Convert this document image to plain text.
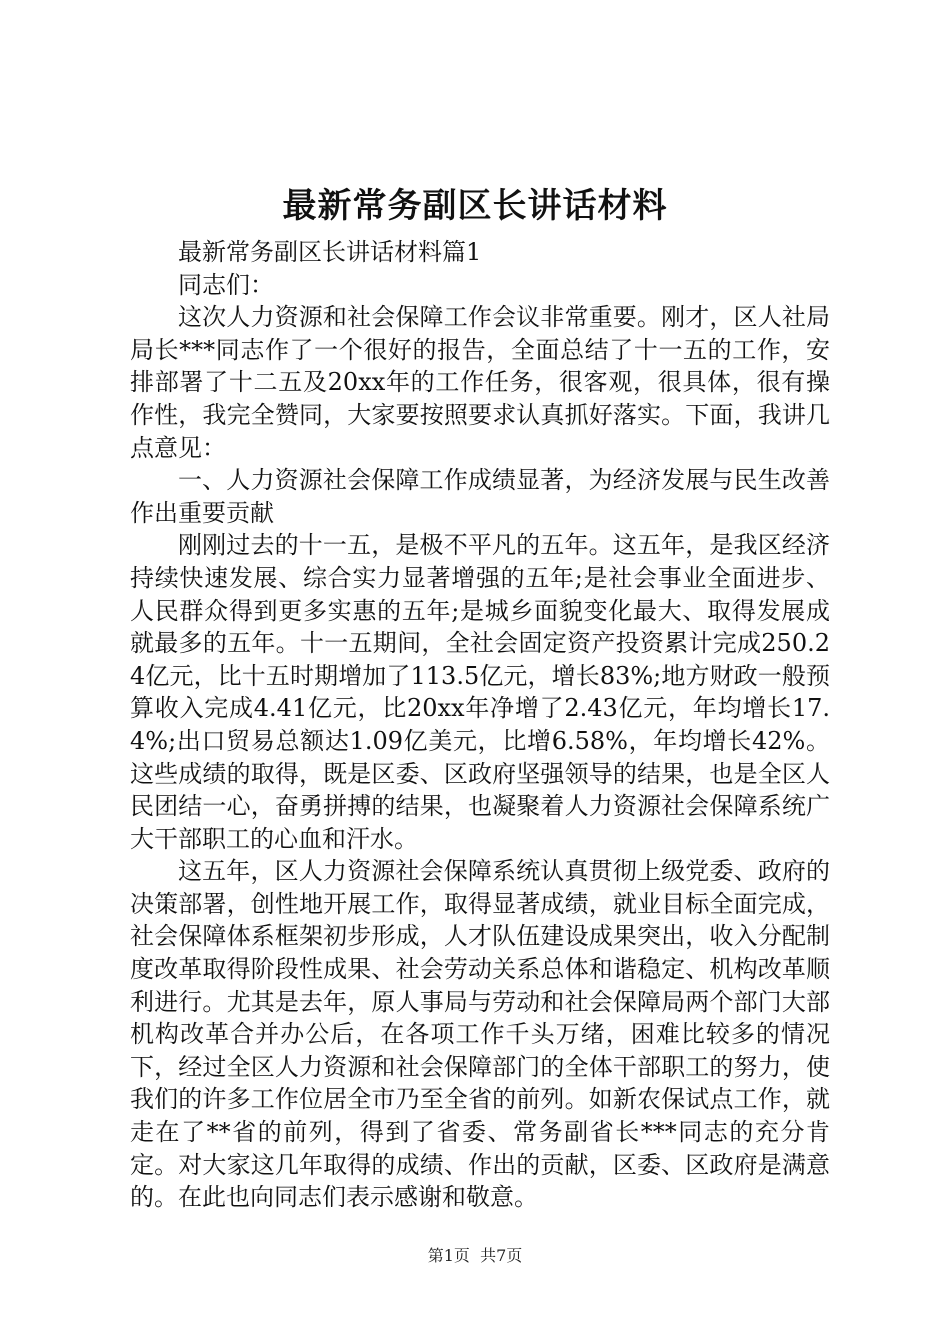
最新常务副区长讲话材料

最新常务副区长讲话材料篇1

同志们：

这次人力资源和社会保障工作会议非常重要。刚才，区人社局局长***同志作了一个很好的报告，全面总结了十一五的工作，安排部署了十二五及20xx年的工作任务，很客观，很具体，很有操作性，我完全赞同，大家要按照要求认真抓好落实。下面，我讲几点意见：

一、人力资源社会保障工作成绩显著，为经济发展与民生改善作出重要贡献

刚刚过去的十一五，是极不平凡的五年。这五年，是我区经济持续快速发展、综合实力显著增强的五年;是社会事业全面进步、人民群众得到更多实惠的五年;是城乡面貌变化最大、取得发展成就最多的五年。十一五期间，全社会固定资产投资累计完成250.24亿元，比十五时期增加了113.5亿元，增长83%;地方财政一般预算收入完成4.41亿元，比20xx年净增了2.43亿元，年均增长17.4%;出口贸易总额达1.09亿美元，比增6.58%，年均增长42%。这些成绩的取得，既是区委、区政府坚强领导的结果，也是全区人民团结一心，奋勇拼搏的结果，也凝聚着人力资源社会保障系统广大干部职工的心血和汗水。

这五年，区人力资源社会保障系统认真贯彻上级党委、政府的决策部署，创性地开展工作，取得显著成绩，就业目标全面完成，社会保障体系框架初步形成，人才队伍建设成果突出，收入分配制度改革取得阶段性成果、社会劳动关系总体和谐稳定、机构改革顺利进行。尤其是去年，原人事局与劳动和社会保障局两个部门大部机构改革合并办公后，在各项工作千头万绪，困难比较多的情况下，经过全区人力资源和社会保障部门的全体干部职工的努力，使我们的许多工作位居全市乃至全省的前列。如新农保试点工作，就走在了**省的前列，得到了省委、常务副省长***同志的充分肯定。对大家这几年取得的成绩、作出的贡献，区委、区政府是满意的。在此也向同志们表示感谢和敬意。

第1页  共7页
